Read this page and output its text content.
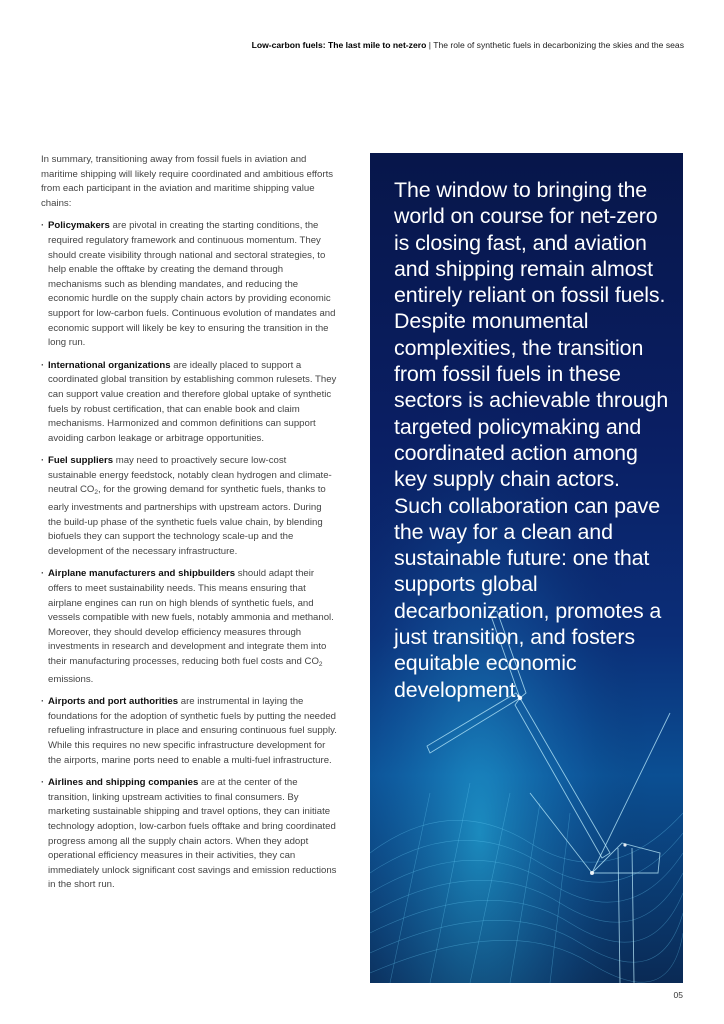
Low-carbon fuels: The last mile to net-zero | The role of synthetic fuels in decarbonizing the skies and the seas

In summary, transitioning away from fossil fuels in aviation and maritime shipping will likely require coordinated and ambitious efforts from each participant in the aviation and maritime shipping value chains:

· Policymakers are pivotal in creating the starting conditions, the required regulatory framework and continuous momentum. They should create visibility through national and sectoral strategies, to help enable the offtake by creating the demand through mechanisms such as blending mandates, and reducing the economic hurdle on the supply chain actors by providing economic support for low-carbon fuels. Continuous evolution of mandates and economic support will likely be key to ensuring the transition in the long run.
· International organizations are ideally placed to support a coordinated global transition by establishing common rulesets. They can support value creation and therefore global uptake of synthetic fuels by robust certification, that can enable book and claim mechanisms. Harmonized and common definitions can support avoiding carbon leakage or arbitrage opportunities.
· Fuel suppliers may need to proactively secure low-cost sustainable energy feedstock, notably clean hydrogen and climate-neutral $CO_2$, for the growing demand for synthetic fuels, thanks to early investments and partnerships with upstream actors. During the build-up phase of the synthetic fuels value chain, by blending biofuels they can support the technology scale-up and the development of the necessary infrastructure.
· Airplane manufacturers and shipbuilders should adapt their offers to meet sustainability needs. This means ensuring that airplane engines can run on high blends of synthetic fuels, and vessels compatible with new fuels, notably ammonia and methanol. Moreover, they should develop efficiency measures through investments in research and development and integrate them into their manufacturing processes, reducing both fuel costs and $CO_2$ emissions.
· Airports and port authorities are instrumental in laying the foundations for the adoption of synthetic fuels by putting the needed refueling infrastructure in place and ensuring continuous fuel supply. While this requires no new specific infrastructure development for the airports, marine ports need to enable a multi-fuel infrastructure.
· Airlines and shipping companies are at the center of the transition, linking upstream activities to final consumers. By marketing sustainable shipping and travel options, they can initiate technology adoption, low-carbon fuels offtake and bring coordinated progress among all the supply chain actors. When they adopt operational efficiency measures in their activities, they can immediately unlock significant cost savings and emission reductions in the short run.
The window to bringing the world on course for net-zero is closing fast, and aviation and shipping remain almost entirely reliant on fossil fuels. Despite monumental complexities, the transition from fossil fuels in these sectors is achievable through targeted policymaking and coordinated action among key supply chain actors. Such collaboration can pave the way for a clean and sustainable future: one that supports global decarbonization, promotes a just transition, and fosters equitable economic development.
05
